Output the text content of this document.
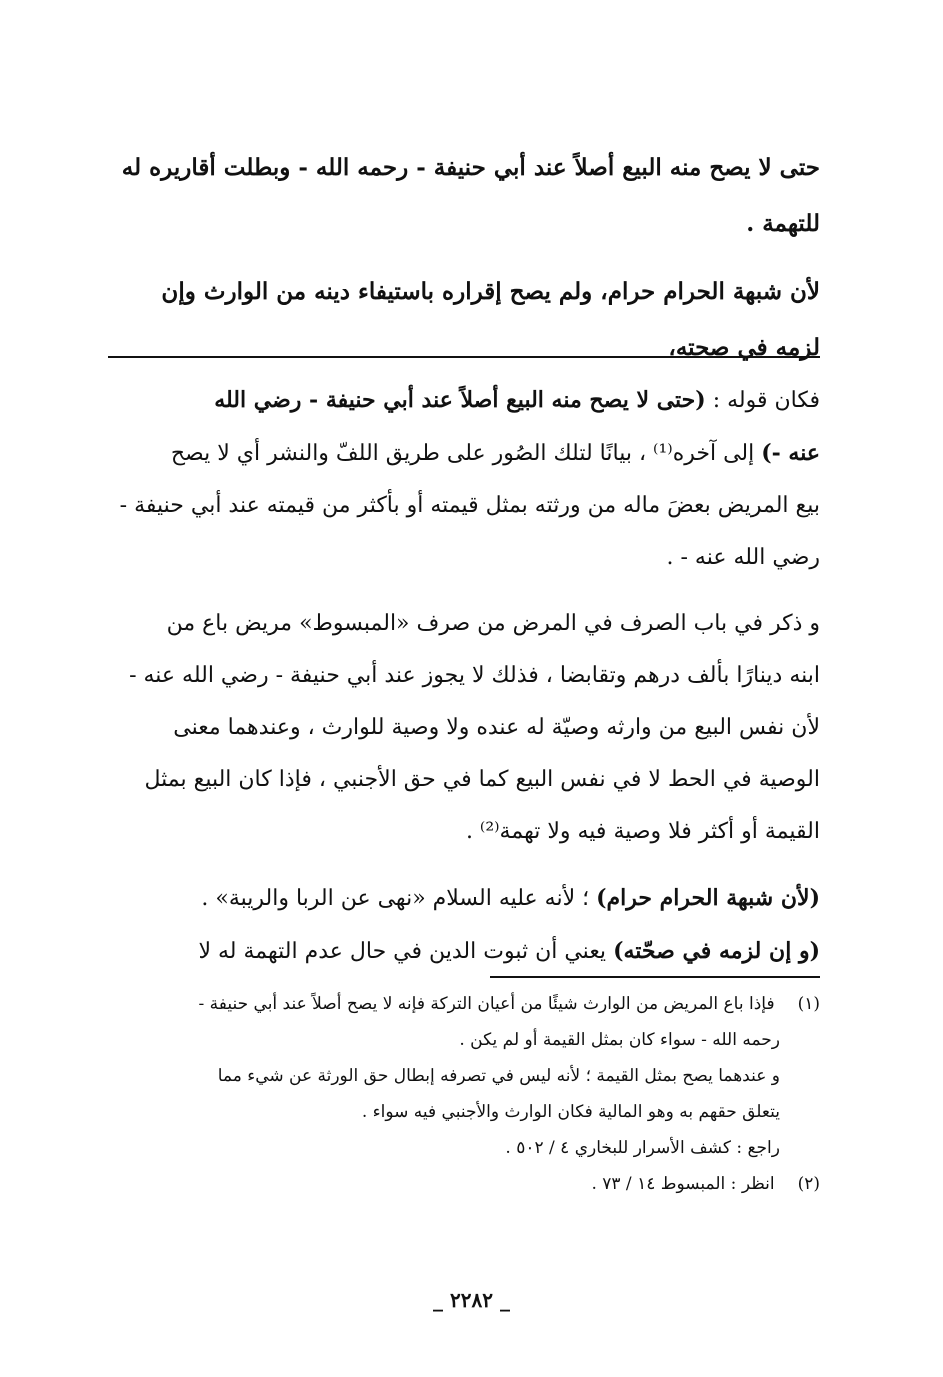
حتى لا يصح منه البيع أصلاً عند أبي حنيفة - رحمه الله - وبطلت أقاريره له
للتهمة .
لأن شبهة الحرام حرام، ولم يصح إقراره باستيفاء دينه من الوارث وإن
لزمه في صحته،
فكان قوله : (حتى لا يصح منه البيع أصلاً عند أبي حنيفة - رضي الله
عنه -) إلى آخره⁽¹⁾ ، بيانًا لتلك الصُور على طريق اللفّ والنشر أي لا يصح
بيع المريض بعضَ ماله من ورثته بمثل قيمته أو بأكثر من قيمته عند أبي حنيفة -
رضي الله عنه - .
و ذكر في باب الصرف في المرض من صرف «المبسوط» مريض باع من
ابنه دينارًا بألف درهم وتقابضا ، فذلك لا يجوز عند أبي حنيفة - رضي الله عنه -
لأن نفس البيع من وارثه وصيّة له عنده ولا وصية للوارث ، وعندهما معنى
الوصية في الحط لا في نفس البيع كما في حق الأجنبي ، فإذا كان البيع بمثل
القيمة أو أكثر فلا وصية فيه ولا تهمة⁽²⁾ .
(لأن شبهة الحرام حرام) ؛ لأنه عليه السلام «نهى عن الربا والريبة» .
(و إن لزمه في صحّته) يعني أن ثبوت الدين في حال عدم التهمة له لا
(١) فإذا باع المريض من الوارث شيئًا من أعيان التركة فإنه لا يصح أصلاً عند أبي حنيفة -
رحمه الله - سواء كان بمثل القيمة أو لم يكن .
و عندهما يصح بمثل القيمة ؛ لأنه ليس في تصرفه إبطال حق الورثة عن شيء مما
يتعلق حقهم به وهو المالية فكان الوارث والأجنبي فيه سواء .
راجع : كشف الأسرار للبخاري ٤ / ٥٠٢ .
(٢) انظر : المبسوط ١٤ / ٧٣ .
_ ٢٢٨٢ _
